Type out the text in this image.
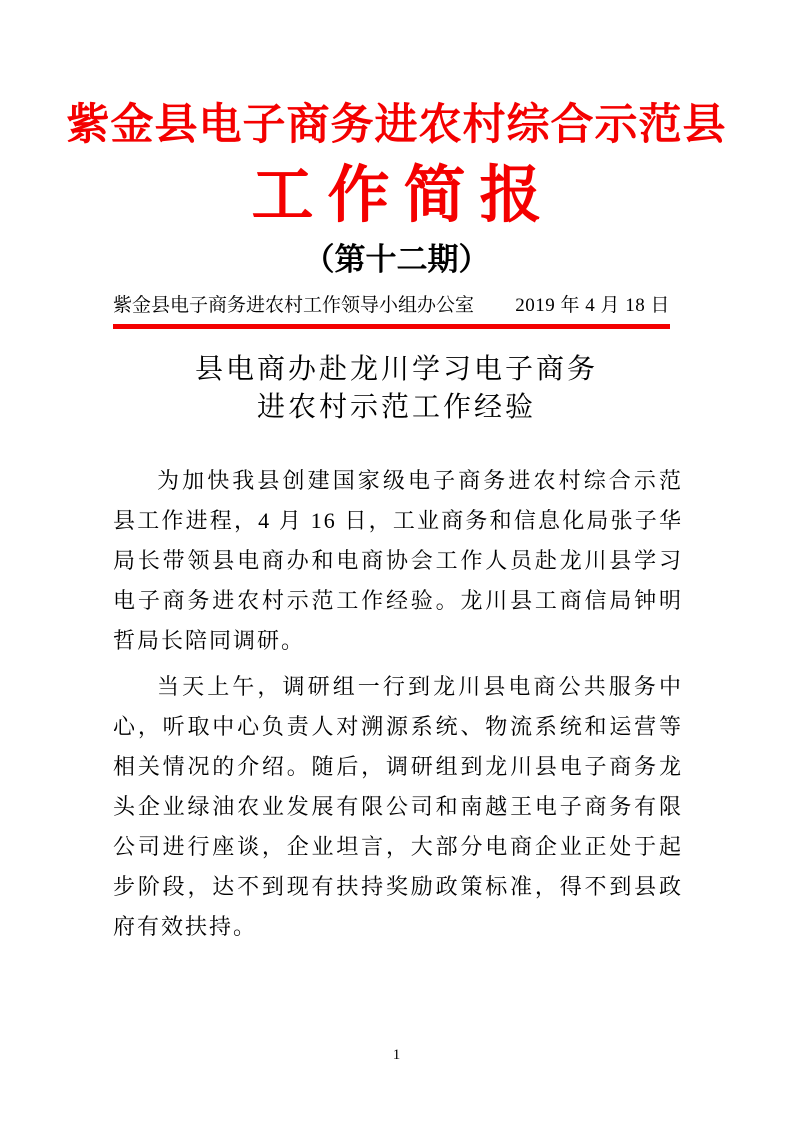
紫金县电子商务进农村综合示范县
工作简报
（第十二期）
紫金县电子商务进农村工作领导小组办公室 2019 年 4 月 18 日
县电商办赴龙川学习电子商务
进农村示范工作经验

为加快我县创建国家级电子商务进农村综合示范县工作进程，4 月 16 日，工业商务和信息化局张子华局长带领县电商办和电商协会工作人员赴龙川县学习电子商务进农村示范工作经验。龙川县工商信局钟明哲局长陪同调研。

当天上午，调研组一行到龙川县电商公共服务中心，听取中心负责人对溯源系统、物流系统和运营等相关情况的介绍。随后，调研组到龙川县电子商务龙头企业绿油农业发展有限公司和南越王电子商务有限公司进行座谈，企业坦言，大部分电商企业正处于起步阶段，达不到现有扶持奖励政策标准，得不到县政府有效扶持。

1
